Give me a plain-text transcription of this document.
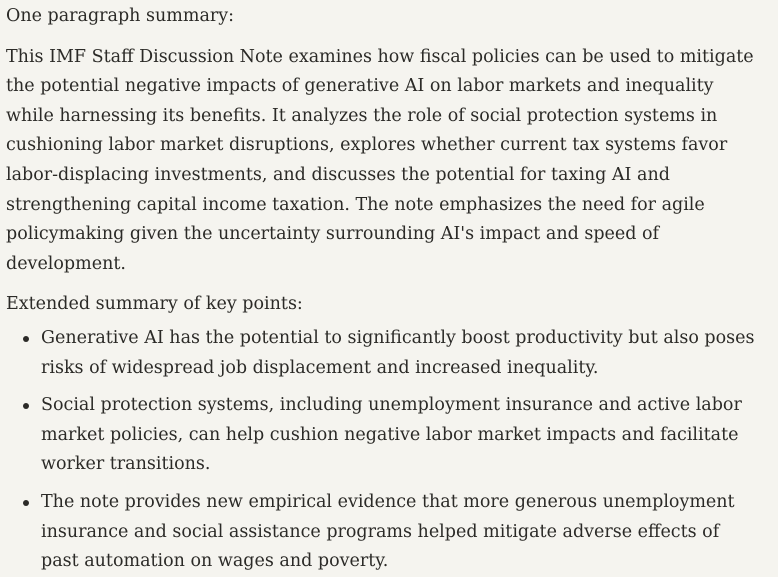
One paragraph summary:

This IMF Staff Discussion Note examines how fiscal policies can be used to mitigate the potential negative impacts of generative AI on labor markets and inequality while harnessing its benefits. It analyzes the role of social protection systems in cushioning labor market disruptions, explores whether current tax systems favor labor-displacing investments, and discusses the potential for taxing AI and strengthening capital income taxation. The note emphasizes the need for agile policymaking given the uncertainty surrounding AI's impact and speed of development.

Extended summary of key points:

Generative AI has the potential to significantly boost productivity but also poses risks of widespread job displacement and increased inequality.
Social protection systems, including unemployment insurance and active labor market policies, can help cushion negative labor market impacts and facilitate worker transitions.
The note provides new empirical evidence that more generous unemployment insurance and social assistance programs helped mitigate adverse effects of past automation on wages and poverty.
